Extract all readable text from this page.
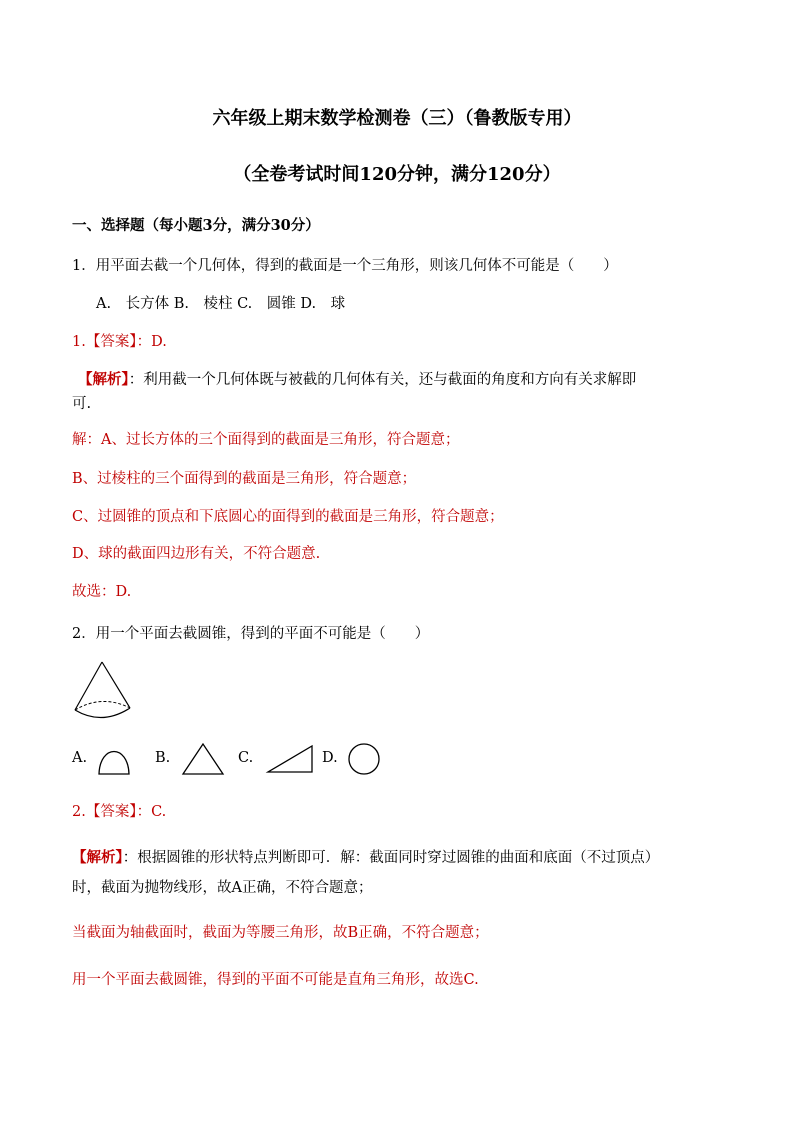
六年级上期末数学检测卷（三）（鲁教版专用）
（全卷考试时间120分钟，满分120分）
一、选择题（每小题3分，满分30分）
1．用平面去截一个几何体，得到的截面是一个三角形，则该几何体不可能是（　　）
A.　长方体 B.　棱柱 C.　圆锥 D.　球
1.【答案】：D.
【解析】：利用截一个几何体既与被截的几何体有关，还与截面的角度和方向有关求解即
可.
解：A、过长方体的三个面得到的截面是三角形，符合题意；
B、过棱柱的三个面得到的截面是三角形，符合题意；
C、过圆锥的顶点和下底圆心的面得到的截面是三角形，符合题意；
D、球的截面四边形有关，不符合题意.
故选：D.
2．用一个平面去截圆锥，得到的平面不可能是（　　）
A.	B.	C.	D.
2.【答案】：C.
【解析】：根据圆锥的形状特点判断即可．解：截面同时穿过圆锥的曲面和底面（不过顶点）
时，截面为抛物线形，故A正确，不符合题意；
当截面为轴截面时，截面为等腰三角形，故B正确，不符合题意；
用一个平面去截圆锥，得到的平面不可能是直角三角形，故选C.
